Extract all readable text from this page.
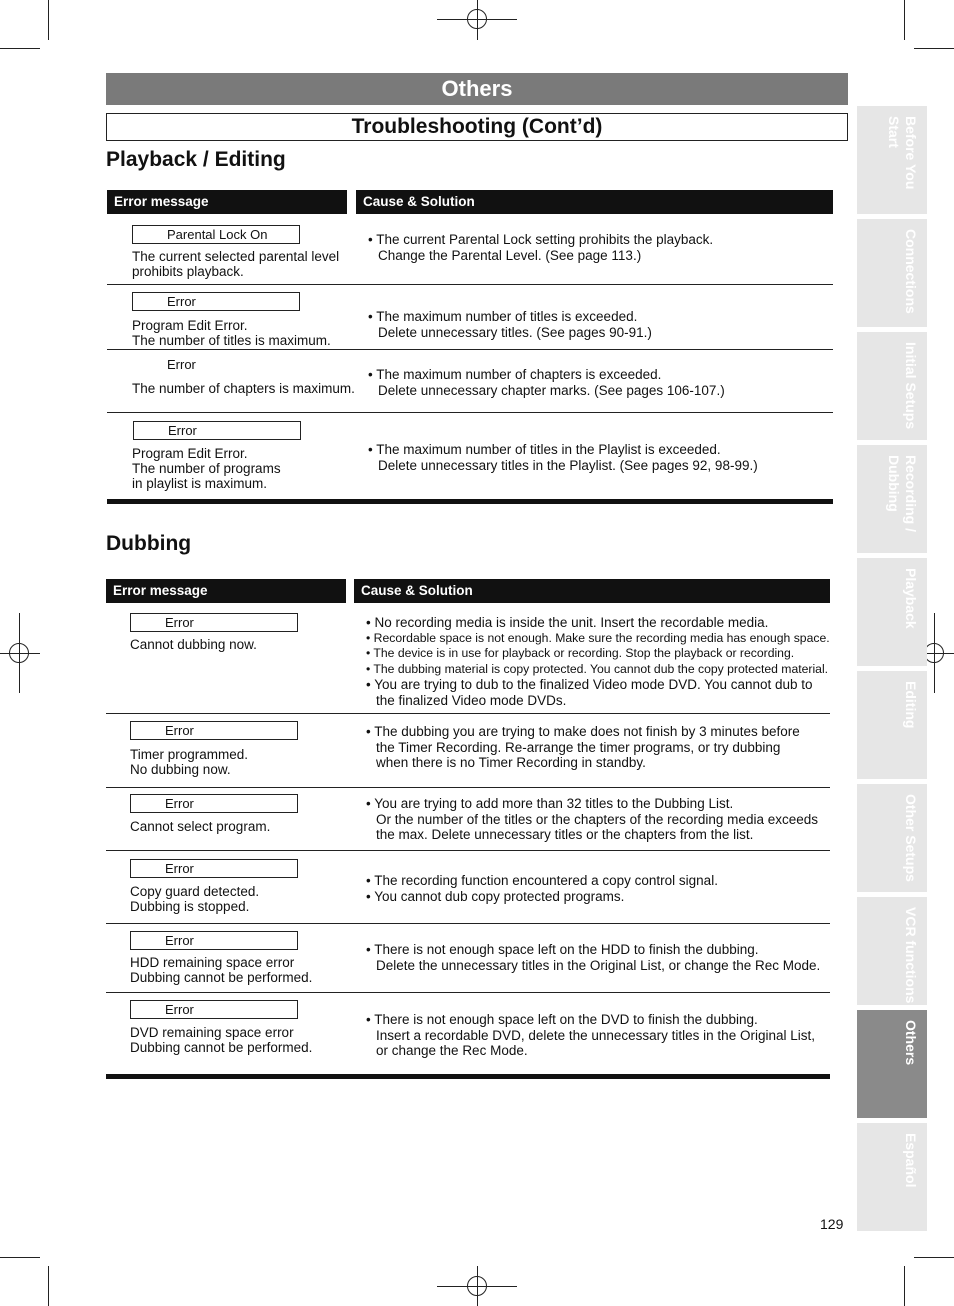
Others
Troubleshooting (Cont’d)
Playback / Editing
Error message	Cause & Solution
Parental Lock On
The current selected parental level
prohibits playback.
• The current Parental Lock setting prohibits the playback.
Change the Parental Level. (See page 113.)
Error
Program Edit Error.
The number of titles is maximum.
• The maximum number of titles is exceeded.
Delete unnecessary titles. (See pages 90-91.)
Error
The number of chapters is maximum.
• The maximum number of chapters is exceeded.
Delete unnecessary chapter marks. (See pages 106-107.)
Error
Program Edit Error.
The number of programs
in playlist is maximum.
• The maximum number of titles in the Playlist is exceeded.
Delete unnecessary titles in the Playlist. (See pages 92, 98-99.)
Dubbing
Error message	Cause & Solution
Error
Cannot dubbing now.
• No recording media is inside the unit. Insert the recordable media.
• Recordable space is not enough. Make sure the recording media has enough space.
• The device is in use for playback or recording. Stop the playback or recording.
• The dubbing material is copy protected. You cannot dub the copy protected material.
• You are trying to dub to the finalized Video mode DVD. You cannot dub to
the finalized Video mode DVDs.
Error
Timer programmed.
No dubbing now.
• The dubbing you are trying to make does not finish by 3 minutes before
the Timer Recording. Re-arrange the timer programs, or try dubbing
when there is no Timer Recording in standby.
Error
Cannot select program.
• You are trying to add more than 32 titles to the Dubbing List.
Or the number of the titles or the chapters of the recording media exceeds
the max. Delete unnecessary titles or the chapters from the list.
Error
Copy guard detected.
Dubbing is stopped.
• The recording function encountered a copy control signal.
• You cannot dub copy protected programs.
Error
HDD remaining space error
Dubbing cannot be performed.
• There is not enough space left on the HDD to finish the dubbing.
Delete the unnecessary titles in the Original List, or change the Rec Mode.
Error
DVD remaining space error
Dubbing cannot be performed.
• There is not enough space left on the DVD to finish the dubbing.
Insert a recordable DVD, delete the unnecessary titles in the Original List,
or change the Rec Mode.
Before You
Start
Connections
Initial Setups
Recording /
Dubbing
Playback
Editing
Other Setups
VCR functions
Others
Español
129
